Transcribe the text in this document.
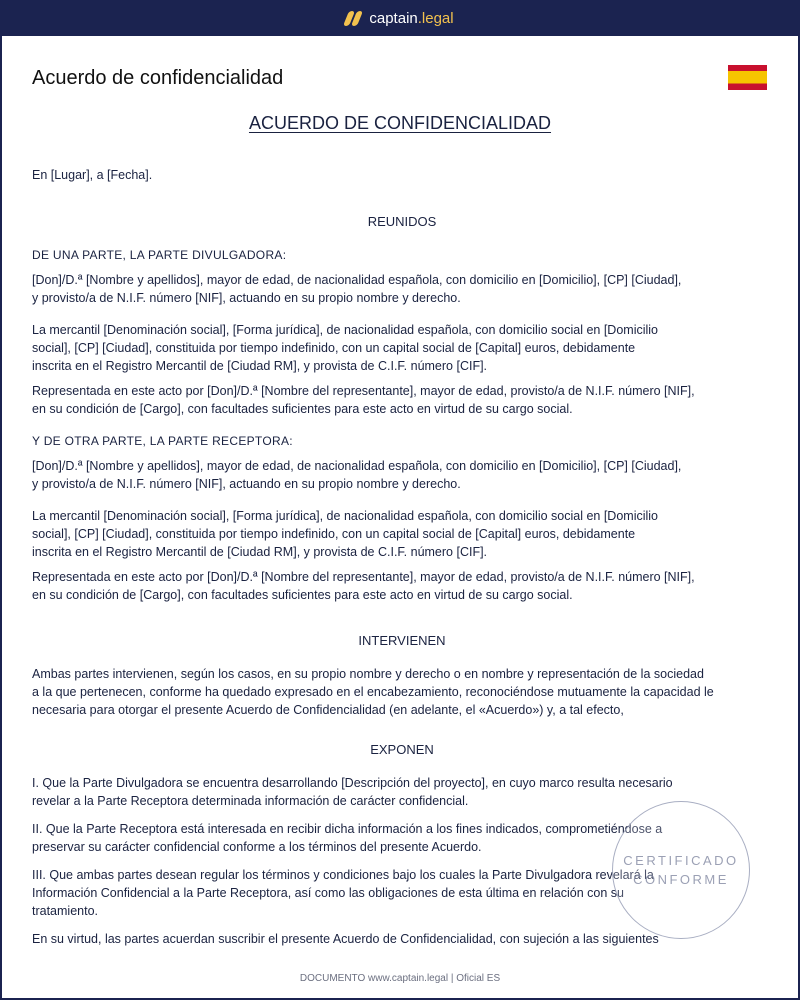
captain.legal
Acuerdo de confidencialidad
ACUERDO DE CONFIDENCIALIDAD

En [Lugar], a [Fecha].

REUNIDOS

DE UNA PARTE, LA PARTE DIVULGADORA:

[Don]/D.ª [Nombre y apellidos], mayor de edad, de nacionalidad española, con domicilio en [Domicilio], [CP] [Ciudad],

y provisto/a de N.I.F. número [NIF], actuando en su propio nombre y derecho.

La mercantil [Denominación social], [Forma jurídica], de nacionalidad española, con domicilio social en [Domicilio

social], [CP] [Ciudad], constituida por tiempo indefinido, con un capital social de [Capital] euros, debidamente

inscrita en el Registro Mercantil de [Ciudad RM], y provista de C.I.F. número [CIF].

Representada en este acto por [Don]/D.ª [Nombre del representante], mayor de edad, provisto/a de N.I.F. número [NIF],

en su condición de [Cargo], con facultades suficientes para este acto en virtud de su cargo social.

Y DE OTRA PARTE, LA PARTE RECEPTORA:

[Don]/D.ª [Nombre y apellidos], mayor de edad, de nacionalidad española, con domicilio en [Domicilio], [CP] [Ciudad],

y provisto/a de N.I.F. número [NIF], actuando en su propio nombre y derecho.

La mercantil [Denominación social], [Forma jurídica], de nacionalidad española, con domicilio social en [Domicilio

social], [CP] [Ciudad], constituida por tiempo indefinido, con un capital social de [Capital] euros, debidamente

inscrita en el Registro Mercantil de [Ciudad RM], y provista de C.I.F. número [CIF].

Representada en este acto por [Don]/D.ª [Nombre del representante], mayor de edad, provisto/a de N.I.F. número [NIF],

en su condición de [Cargo], con facultades suficientes para este acto en virtud de su cargo social.

INTERVIENEN

Ambas partes intervienen, según los casos, en su propio nombre y derecho o en nombre y representación de la sociedad

a la que pertenecen, conforme ha quedado expresado en el encabezamiento, reconociéndose mutuamente la capacidad le

necesaria para otorgar el presente Acuerdo de Confidencialidad (en adelante, el «Acuerdo») y, a tal efecto,

EXPONEN

I. Que la Parte Divulgadora se encuentra desarrollando [Descripción del proyecto], en cuyo marco resulta necesario

revelar a la Parte Receptora determinada información de carácter confidencial.

II. Que la Parte Receptora está interesada en recibir dicha información a los fines indicados, comprometiéndose a

preservar su carácter confidencial conforme a los términos del presente Acuerdo.

III. Que ambas partes desean regular los términos y condiciones bajo los cuales la Parte Divulgadora revelará la

Información Confidencial a la Parte Receptora, así como las obligaciones de esta última en relación con su

tratamiento.

En su virtud, las partes acuerdan suscribir el presente Acuerdo de Confidencialidad, con sujeción a las siguientes

CERTIFICADO
CONFORME
DOCUMENTO www.captain.legal | Oficial ES
